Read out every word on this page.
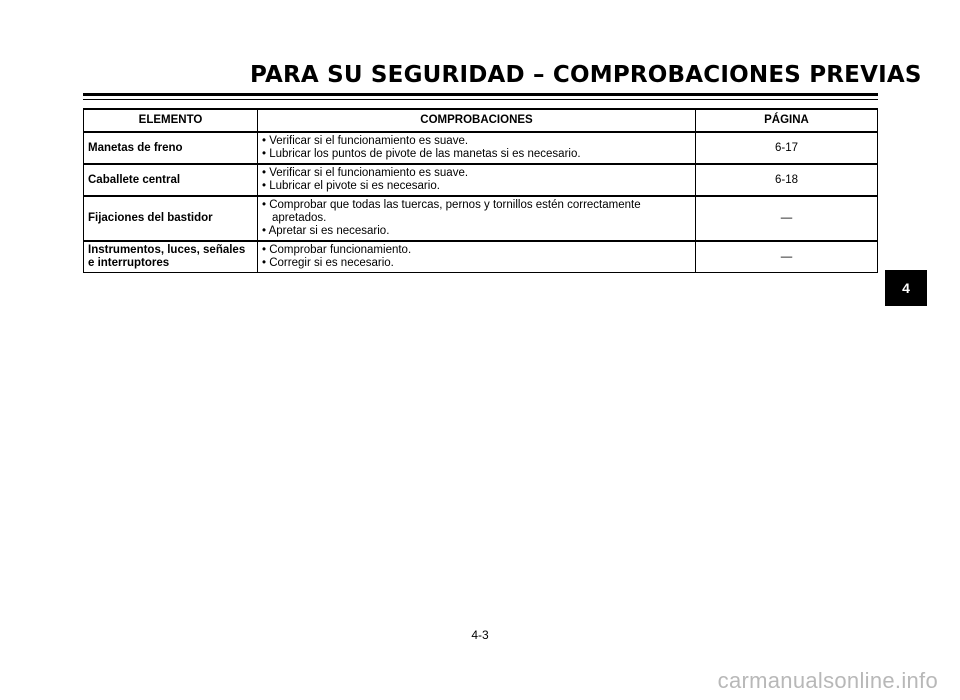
PARA SU SEGURIDAD – COMPROBACIONES PREVIAS
ELEMENTO	COMPROBACIONES	PÁGINA

Manetas de freno	• Verificar si el funcionamiento es suave.
• Lubricar los puntos de pivote de las manetas si es necesario.	6-17

Caballete central	• Verificar si el funcionamiento es suave.
• Lubricar el pivote si es necesario.	6-18

Fijaciones del bastidor	• Comprobar que todas las tuercas, pernos y tornillos estén correctamente apretados.
• Apretar si es necesario.	—

Instrumentos, luces, señales
e interruptores	• Comprobar funcionamiento.
• Corregir si es necesario.	—
4
4-3
carmanualsonline.info
